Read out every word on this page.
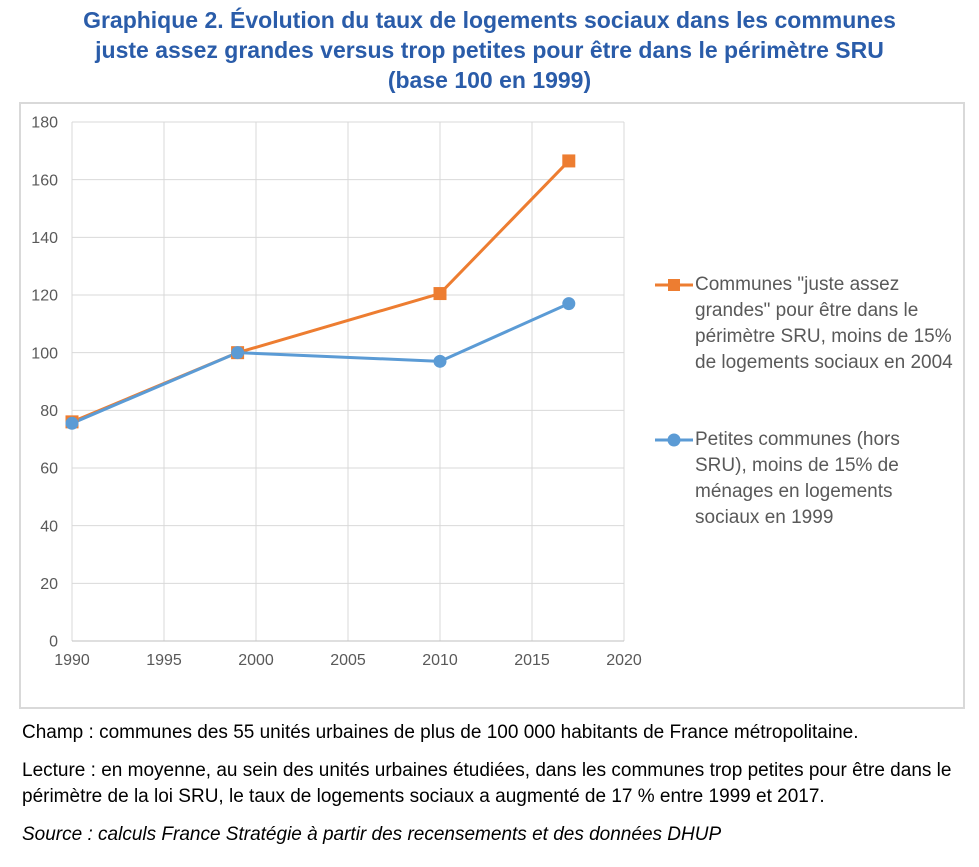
Graphique 2. Évolution du taux de logements sociaux dans les communes
juste assez grandes versus trop petites pour être dans le périmètre SRU
(base 100 en 1999)
0
20
40
60
80
100
120
140
160
180
1990	1995	2000	2005	2010	2015	2020
Communes "juste assez grandes" pour être dans le périmètre SRU, moins de 15% de logements sociaux en 2004
Petites communes (hors SRU), moins de 15% de ménages en logements sociaux en 1999

Champ : communes des 55 unités urbaines de plus de 100 000 habitants de France métropolitaine.

Lecture : en moyenne, au sein des unités urbaines étudiées, dans les communes trop petites pour être dans le périmètre de la loi SRU, le taux de logements sociaux a augmenté de 17 % entre 1999 et 2017.

Source : calculs France Stratégie à partir des recensements et des données DHUP
